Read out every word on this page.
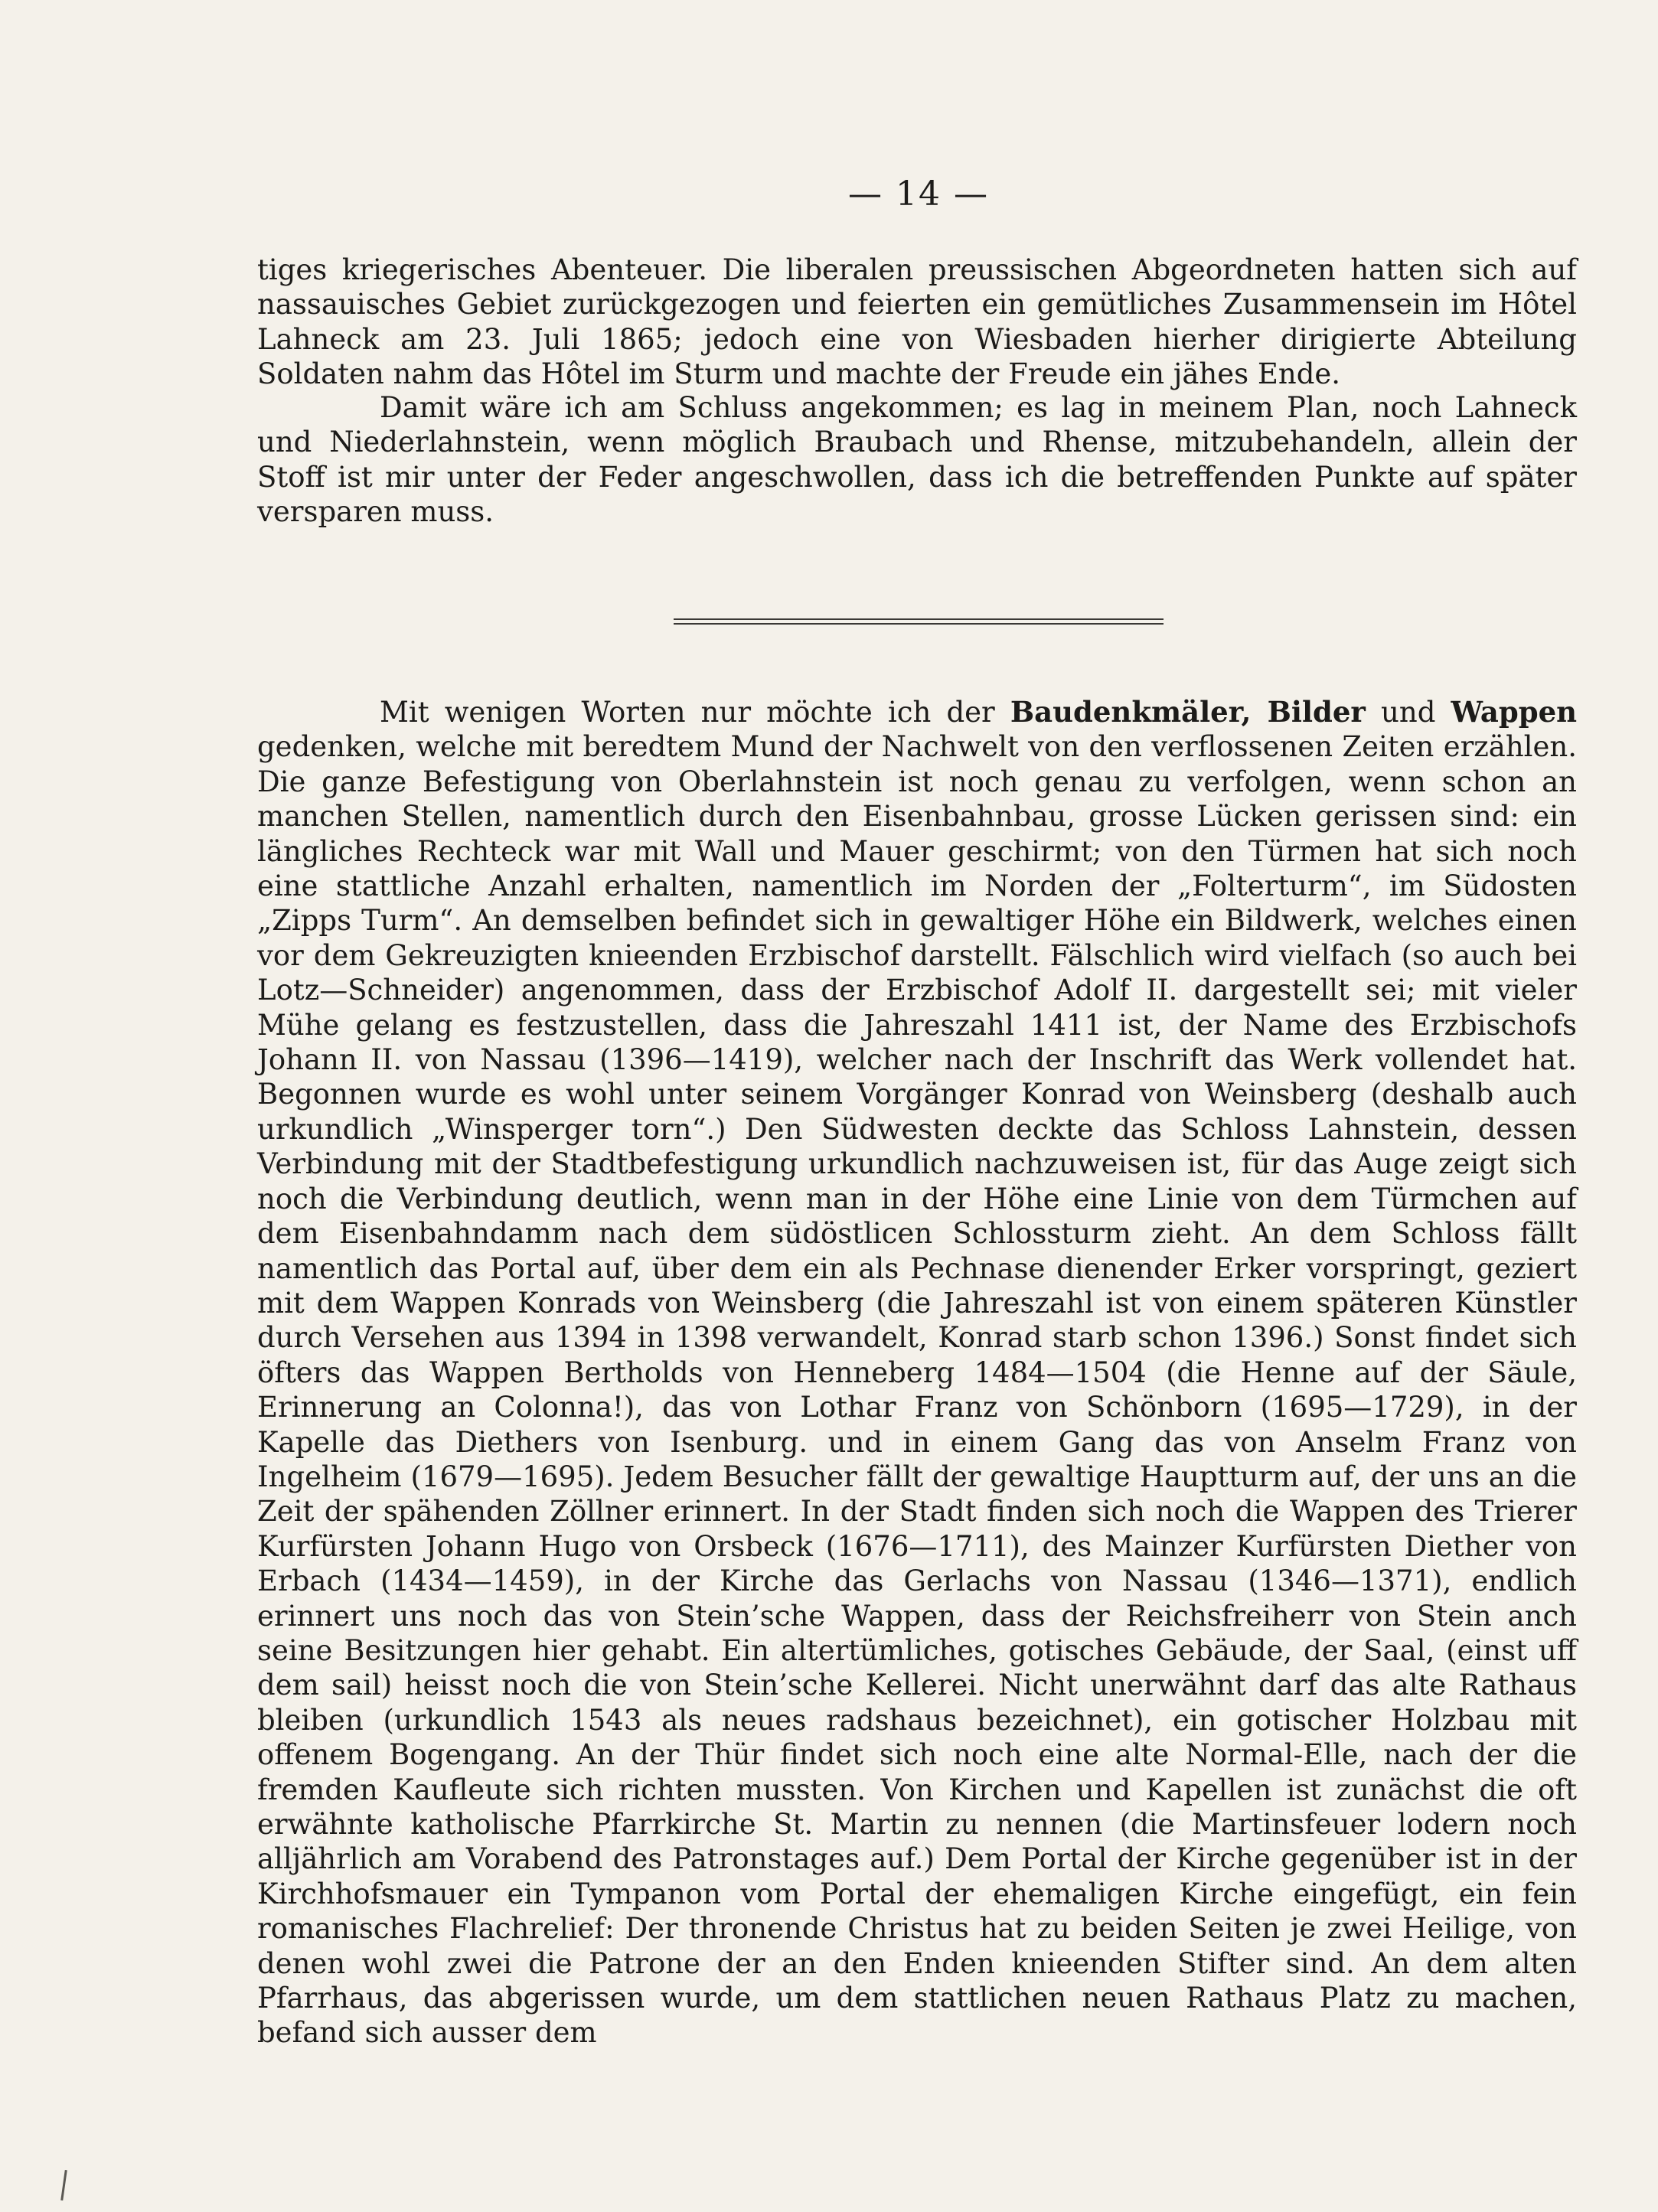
— 14 —

tiges kriegerisches Abenteuer. Die liberalen preussischen Abgeordneten hatten sich auf nassauisches Gebiet zurückgezogen und feierten ein gemütliches Zusammensein im Hôtel Lahneck am 23. Juli 1865; jedoch eine von Wiesbaden hierher dirigierte Abteilung Soldaten nahm das Hôtel im Sturm und machte der Freude ein jähes Ende.

Damit wäre ich am Schluss angekommen; es lag in meinem Plan, noch Lahneck und Niederlahnstein, wenn möglich Braubach und Rhense, mitzubehandeln, allein der Stoff ist mir unter der Feder angeschwollen, dass ich die betreffenden Punkte auf später versparen muss.

Mit wenigen Worten nur möchte ich der Baudenkmäler, Bilder und Wappen gedenken, welche mit beredtem Mund der Nachwelt von den verflossenen Zeiten erzählen. Die ganze Befestigung von Oberlahnstein ist noch genau zu verfolgen, wenn schon an manchen Stellen, namentlich durch den Eisenbahnbau, grosse Lücken gerissen sind: ein längliches Rechteck war mit Wall und Mauer geschirmt; von den Türmen hat sich noch eine stattliche Anzahl erhalten, namentlich im Norden der „Folterturm“, im Südosten „Zipps Turm“. An demselben befindet sich in gewaltiger Höhe ein Bildwerk, welches einen vor dem Gekreuzigten knieenden Erzbischof darstellt. Fälschlich wird vielfach (so auch bei Lotz—Schneider) angenommen, dass der Erzbischof Adolf II. dargestellt sei; mit vieler Mühe gelang es festzustellen, dass die Jahreszahl 1411 ist, der Name des Erzbischofs Johann II. von Nassau (1396—1419), welcher nach der Inschrift das Werk vollendet hat. Begonnen wurde es wohl unter seinem Vorgänger Konrad von Weinsberg (deshalb auch urkundlich „Winsperger torn“.) Den Südwesten deckte das Schloss Lahnstein, dessen Verbindung mit der Stadtbefestigung urkundlich nachzuweisen ist, für das Auge zeigt sich noch die Verbindung deutlich, wenn man in der Höhe eine Linie von dem Türmchen auf dem Eisenbahndamm nach dem südöstlicen Schlossturm zieht. An dem Schloss fällt namentlich das Portal auf, über dem ein als Pechnase dienender Erker vorspringt, geziert mit dem Wappen Konrads von Weinsberg (die Jahreszahl ist von einem späteren Künstler durch Versehen aus 1394 in 1398 verwandelt, Konrad starb schon 1396.) Sonst findet sich öfters das Wappen Bertholds von Henneberg 1484—1504 (die Henne auf der Säule, Erinnerung an Colonna!), das von Lothar Franz von Schönborn (1695—1729), in der Kapelle das Diethers von Isenburg. und in einem Gang das von Anselm Franz von Ingelheim (1679—1695). Jedem Besucher fällt der gewaltige Hauptturm auf, der uns an die Zeit der spähenden Zöllner erinnert. In der Stadt finden sich noch die Wappen des Trierer Kurfürsten Johann Hugo von Orsbeck (1676—1711), des Mainzer Kurfürsten Diether von Erbach (1434—1459), in der Kirche das Gerlachs von Nassau (1346—1371), endlich erinnert uns noch das von Stein’sche Wappen, dass der Reichsfreiherr von Stein anch seine Besitzungen hier gehabt. Ein altertümliches, gotisches Gebäude, der Saal, (einst uff dem sail) heisst noch die von Stein’sche Kellerei. Nicht unerwähnt darf das alte Rathaus bleiben (urkundlich 1543 als neues radshaus bezeichnet), ein gotischer Holzbau mit offenem Bogengang. An der Thür findet sich noch eine alte Normal-Elle, nach der die fremden Kaufleute sich richten mussten. Von Kirchen und Kapellen ist zunächst die oft erwähnte katholische Pfarrkirche St. Martin zu nennen (die Martinsfeuer lodern noch alljährlich am Vorabend des Patronstages auf.) Dem Portal der Kirche gegenüber ist in der Kirchhofsmauer ein Tympanon vom Portal der ehemaligen Kirche eingefügt, ein fein romanisches Flachrelief: Der thronende Christus hat zu beiden Seiten je zwei Heilige, von denen wohl zwei die Patrone der an den Enden knieenden Stifter sind. An dem alten Pfarrhaus, das abgerissen wurde, um dem stattlichen neuen Rathaus Platz zu machen, befand sich ausser dem
